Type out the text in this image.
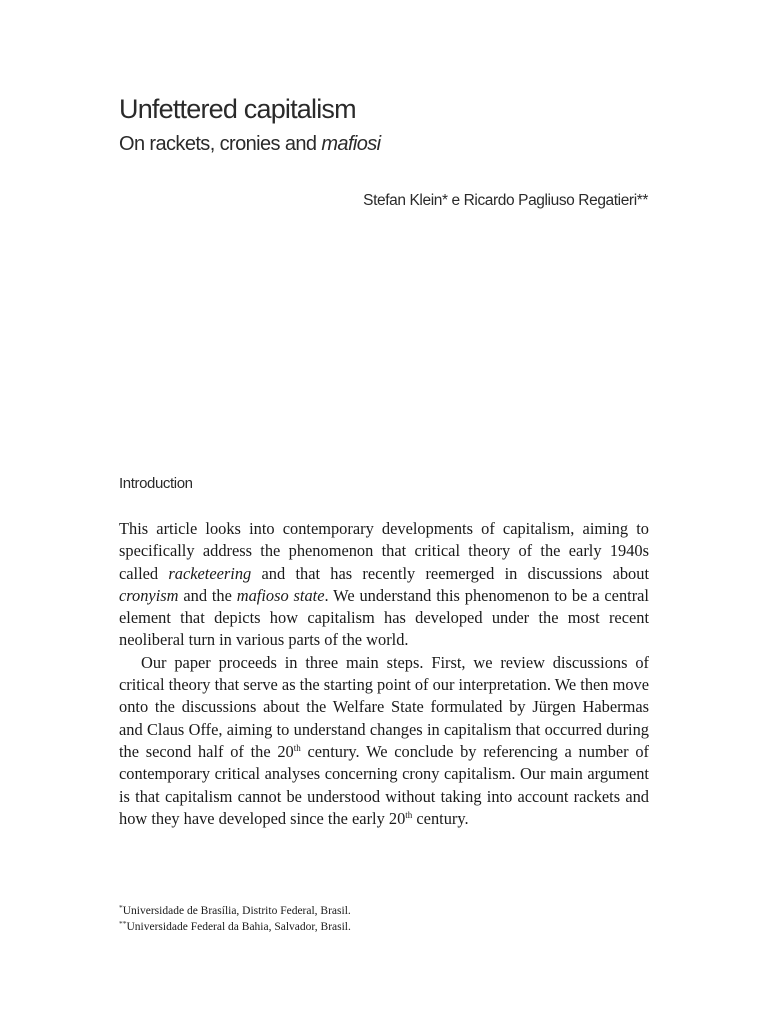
Unfettered capitalism
On rackets, cronies and mafiosi
Stefan Klein* e Ricardo Pagliuso Regatieri**
Introduction

This article looks into contemporary developments of capitalism, aiming to specifically address the phenomenon that critical theory of the early 1940s called racketeering and that has recently reemerged in discussions about cronyism and the mafioso state. We understand this phenomenon to be a central element that depicts how capitalism has developed under the most recent neoliberal turn in various parts of the world.

Our paper proceeds in three main steps. First, we review discussions of critical theory that serve as the starting point of our interpretation. We then move onto the discussions about the Welfare State formulated by Jürgen Habermas and Claus Offe, aiming to understand changes in capitalism that occurred during the second half of the 20th century. We conclude by referencing a number of contemporary critical analyses concerning crony capitalism. Our main argument is that capitalism cannot be understood without taking into account rackets and how they have developed since the early 20th century.

*Universidade de Brasília, Distrito Federal, Brasil.
**Universidade Federal da Bahia, Salvador, Brasil.
